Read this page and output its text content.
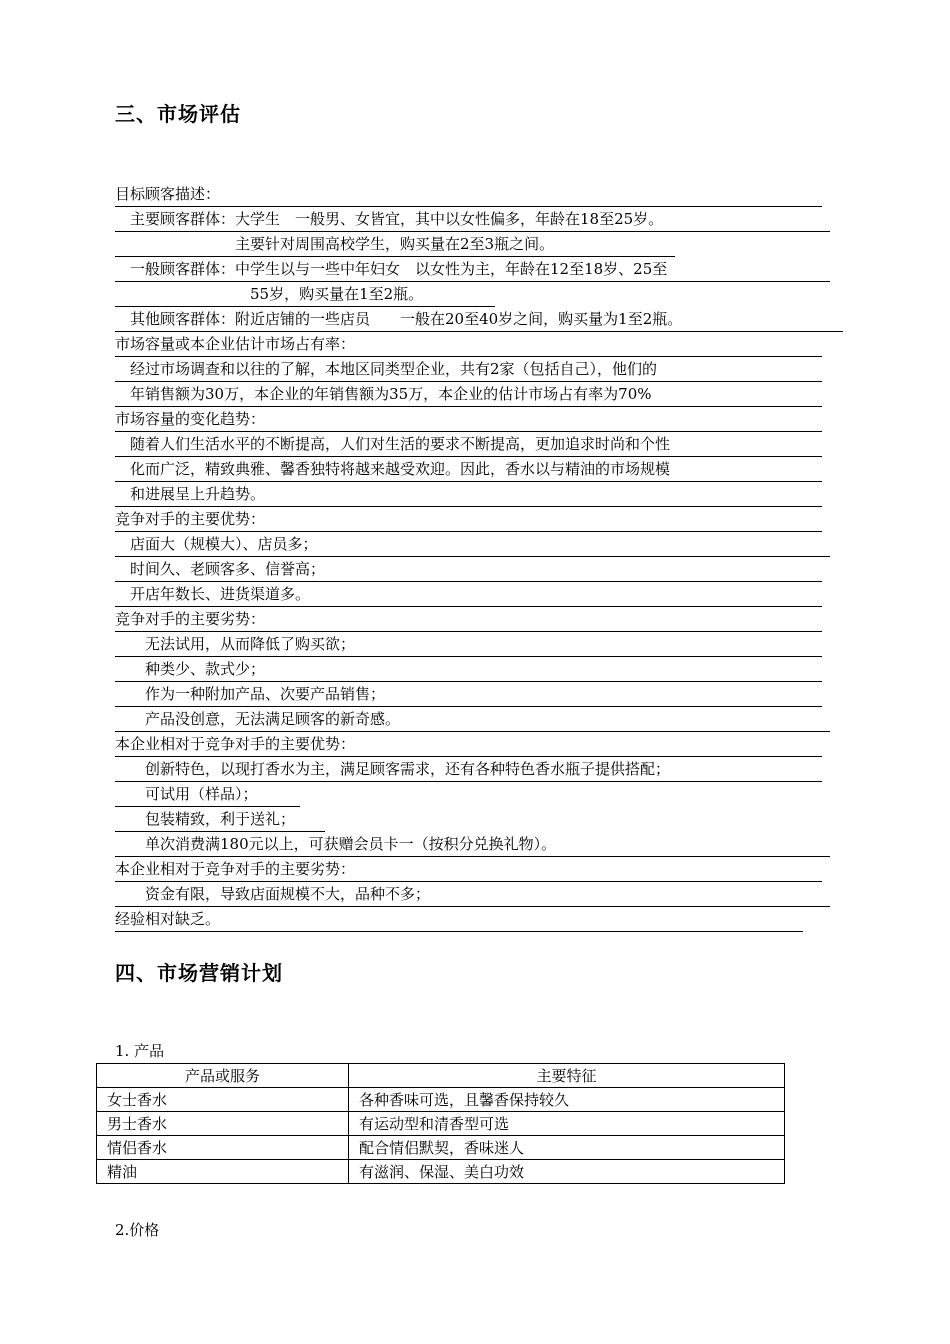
三、市场评估
目标顾客描述：
　主要顾客群体：大学生　一般男、女皆宜，其中以女性偏多，年龄在18至25岁。
　　　　　　　　主要针对周围高校学生，购买量在2至3瓶之间。
　一般顾客群体：中学生以与一些中年妇女　以女性为主，年龄在12至18岁、25至
　　　　　　　　　55岁，购买量在1至2瓶。
　其他顾客群体：附近店铺的一些店员　　一般在20至40岁之间，购买量为1至2瓶。
市场容量或本企业估计市场占有率：
　经过市场调查和以往的了解，本地区同类型企业，共有2家（包括自己），他们的
　年销售额为30万，本企业的年销售额为35万，本企业的估计市场占有率为70%
市场容量的变化趋势：
　随着人们生活水平的不断提高，人们对生活的要求不断提高，更加追求时尚和个性
　化而广泛，精致典雅、馨香独特将越来越受欢迎。因此，香水以与精油的市场规模
　和进展呈上升趋势。
竞争对手的主要优势：
　店面大（规模大）、店员多；
　时间久、老顾客多、信誉高；
　开店年数长、进货渠道多。
竞争对手的主要劣势：
　　无法试用，从而降低了购买欲；
　　种类少、款式少；
　　作为一种附加产品、次要产品销售；
　　产品没创意，无法满足顾客的新奇感。
本企业相对于竞争对手的主要优势：
　　创新特色，以现打香水为主，满足顾客需求，还有各种特色香水瓶子提供搭配；
　　可试用（样品）；
　　包装精致，利于送礼；
　　单次消费满180元以上，可获赠会员卡一（按积分兑换礼物）。
本企业相对于竞争对手的主要劣势：
　　资金有限，导致店面规模不大，品种不多；
经验相对缺乏。
四、市场营销计划
1. 产品
产品或服务	主要特征
女士香水	各种香味可选，且馨香保持较久
男士香水	有运动型和清香型可选
情侣香水	配合情侣默契，香味迷人
精油	有滋润、保湿、美白功效
2.价格
